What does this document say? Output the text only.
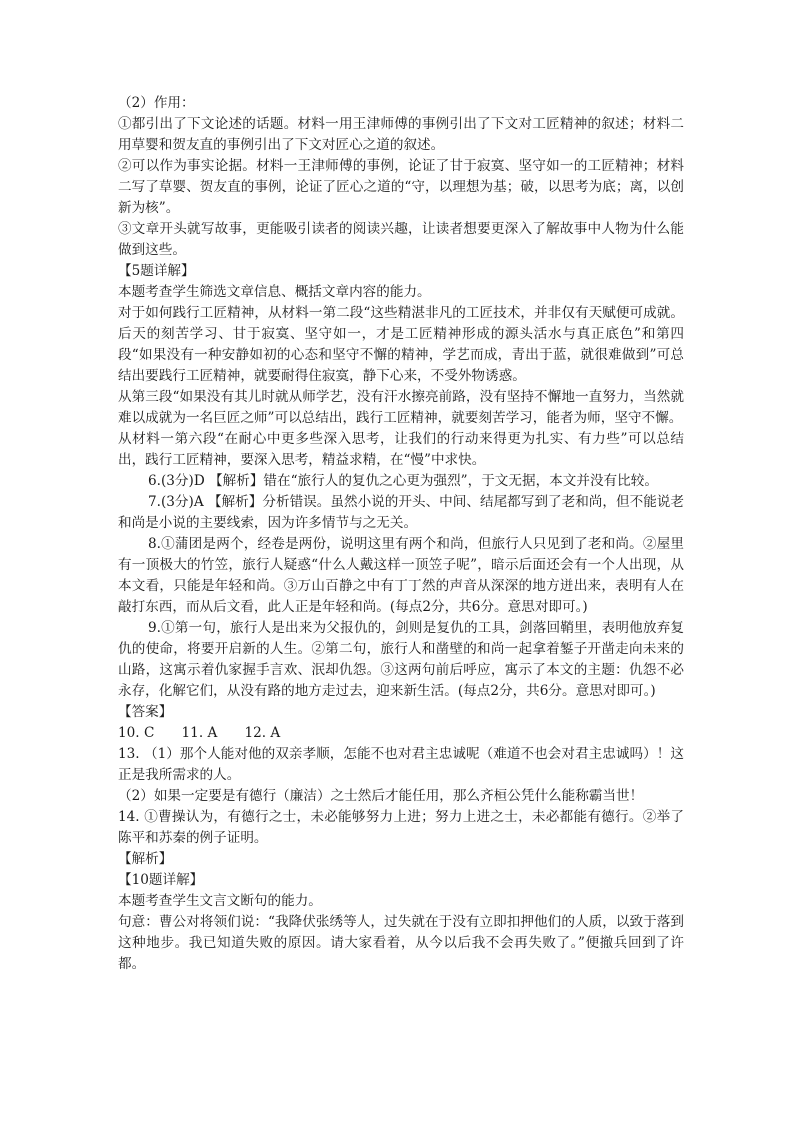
（2）作用：

①都引出了下文论述的话题。材料一用王津师傅的事例引出了下文对工匠精神的叙述；材料二用草婴和贺友直的事例引出了下文对匠心之道的叙述。

②可以作为事实论据。材料一王津师傅的事例，论证了甘于寂寞、坚守如一的工匠精神；材料二写了草婴、贺友直的事例，论证了匠心之道的“守，以理想为基；破，以思考为底；离，以创新为核”。

③文章开头就写故事，更能吸引读者的阅读兴趣，让读者想要更深入了解故事中人物为什么能做到这些。

【5题详解】

本题考查学生筛选文章信息、概括文章内容的能力。

对于如何践行工匠精神，从材料一第二段“这些精湛非凡的工匠技术，并非仅有天赋便可成就。后天的刻苦学习、甘于寂寞、坚守如一，才是工匠精神形成的源头活水与真正底色”和第四段“如果没有一种安静如初的心态和坚守不懈的精神，学艺而成，青出于蓝，就很难做到”可总结出要践行工匠精神，就要耐得住寂寞，静下心来，不受外物诱惑。

从第三段“如果没有其儿时就从师学艺，没有汗水擦亮前路，没有坚持不懈地一直努力，当然就难以成就为一名巨匠之师”可以总结出，践行工匠精神，就要刻苦学习，能者为师，坚守不懈。

从材料一第六段“在耐心中更多些深入思考，让我们的行动来得更为扎实、有力些”可以总结出，践行工匠精神，要深入思考，精益求精，在“慢”中求快。

6.(3分)D 【解析】错在“旅行人的复仇之心更为强烈”，于文无据，本文并没有比较。

7.(3分)A 【解析】分析错误。虽然小说的开头、中间、结尾都写到了老和尚，但不能说老和尚是小说的主要线索，因为许多情节与之无关。

8.①蒲团是两个，经卷是两份，说明这里有两个和尚，但旅行人只见到了老和尚。②屋里有一顶极大的竹笠，旅行人疑惑“什么人戴这样一顶笠子呢”，暗示后面还会有一个人出现，从本文看，只能是年轻和尚。③万山百静之中有丁丁然的声音从深深的地方迸出来，表明有人在敲打东西，而从后文看，此人正是年轻和尚。(每点2分，共6分。意思对即可。)

9.①第一句，旅行人是出来为父报仇的，剑则是复仇的工具，剑落回鞘里，表明他放弃复仇的使命，将要开启新的人生。②第二句，旅行人和凿壁的和尚一起拿着錾子开凿走向未来的山路，这寓示着仇家握手言欢、泯却仇怨。③这两句前后呼应，寓示了本文的主题：仇怨不必永存，化解它们，从没有路的地方走过去，迎来新生活。(每点2分，共6分。意思对即可。)

【答案】

10. C　　11. A　　12. A

13. （1）那个人能对他的双亲孝顺，怎能不也对君主忠诚呢（难道不也会对君主忠诚吗）！这正是我所需求的人。

（2）如果一定要是有德行（廉洁）之士然后才能任用，那么齐桓公凭什么能称霸当世！

14. ①曹操认为，有德行之士，未必能够努力上进；努力上进之士，未必都能有德行。②举了陈平和苏秦的例子证明。

【解析】

【10题详解】

本题考查学生文言文断句的能力。

句意：曹公对将领们说：“我降伏张绣等人，过失就在于没有立即扣押他们的人质，以致于落到这种地步。我已知道失败的原因。请大家看着，从今以后我不会再失败了。”便撤兵回到了许都。
